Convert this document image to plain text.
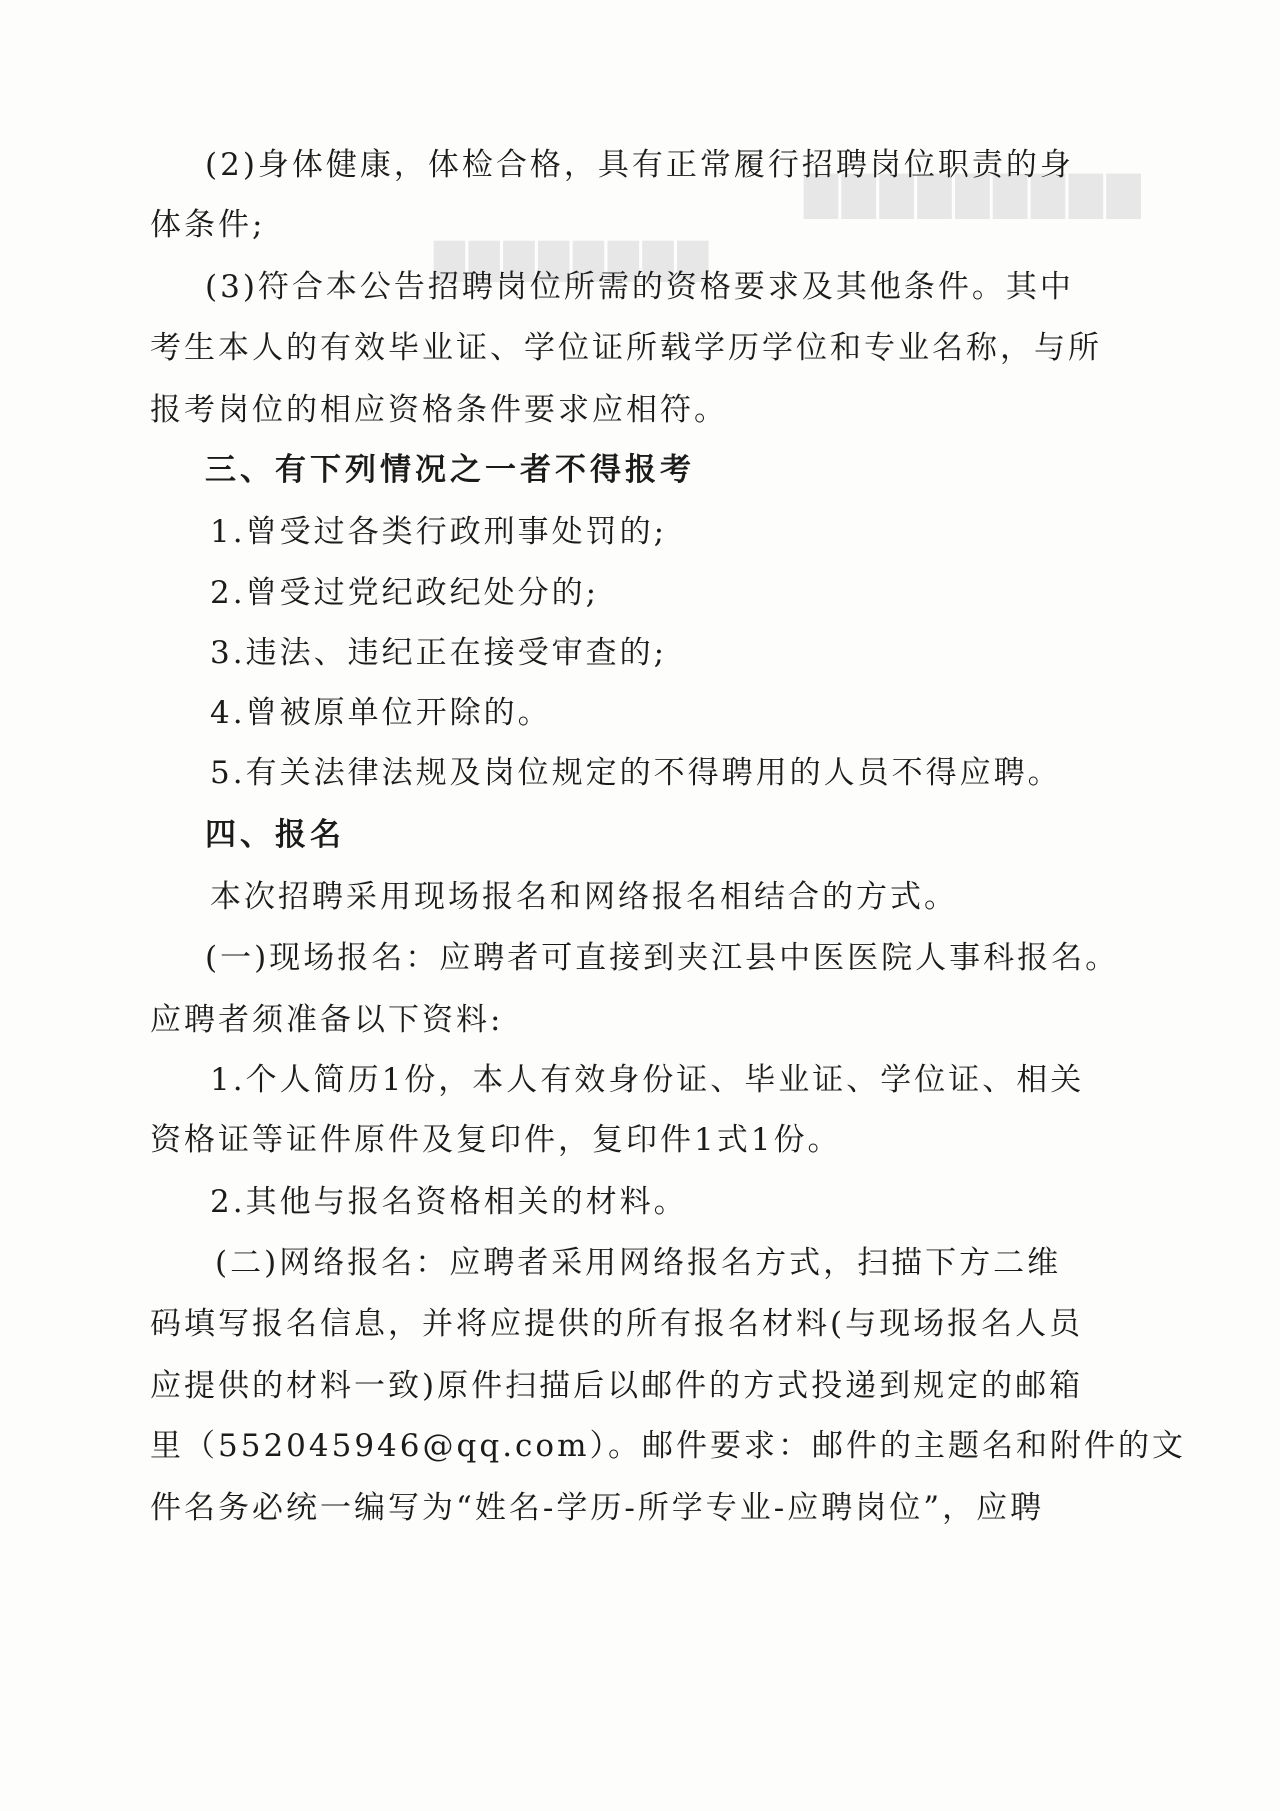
▇▇▇▇▇▇▇▇▇
▇▇▇▇▇▇▇▇
(2)身体健康，体检合格，具有正常履行招聘岗位职责的身
体条件;
(3)符合本公告招聘岗位所需的资格要求及其他条件。其中
考生本人的有效毕业证、学位证所载学历学位和专业名称，与所
报考岗位的相应资格条件要求应相符。
三、有下列情况之一者不得报考
1.曾受过各类行政刑事处罚的;
2.曾受过党纪政纪处分的;
3.违法、违纪正在接受审查的;
4.曾被原单位开除的。
5.有关法律法规及岗位规定的不得聘用的人员不得应聘。
四、报名
本次招聘采用现场报名和网络报名相结合的方式。
(一)现场报名：应聘者可直接到夹江县中医医院人事科报名。
应聘者须准备以下资料:
1.个人简历1份，本人有效身份证、毕业证、学位证、相关
资格证等证件原件及复印件，复印件1式1份。
2.其他与报名资格相关的材料。
(二)网络报名：应聘者采用网络报名方式，扫描下方二维
码填写报名信息，并将应提供的所有报名材料(与现场报名人员
应提供的材料一致)原件扫描后以邮件的方式投递到规定的邮箱
里（552045946@qq.com）。邮件要求：邮件的主题名和附件的文
件名务必统一编写为“姓名-学历-所学专业-应聘岗位”，应聘
